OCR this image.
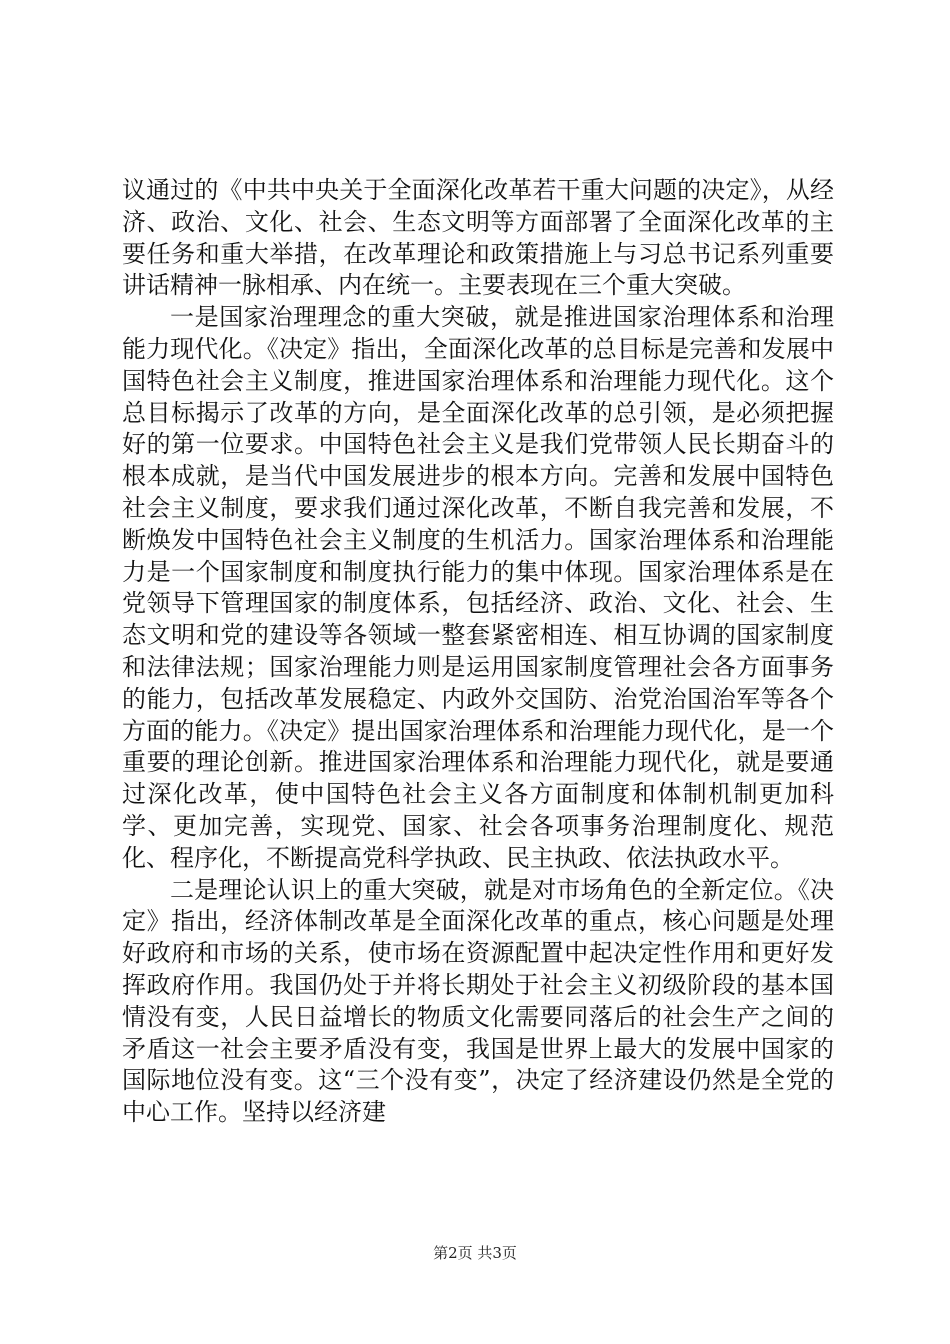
议通过的《中共中央关于全面深化改革若干重大问题的决定》，从经济、政治、文化、社会、生态文明等方面部署了全面深化改革的主要任务和重大举措，在改革理论和政策措施上与习总书记系列重要讲话精神一脉相承、内在统一。主要表现在三个重大突破。

一是国家治理理念的重大突破，就是推进国家治理体系和治理能力现代化。《决定》指出，全面深化改革的总目标是完善和发展中国特色社会主义制度，推进国家治理体系和治理能力现代化。这个总目标揭示了改革的方向，是全面深化改革的总引领，是必须把握好的第一位要求。中国特色社会主义是我们党带领人民长期奋斗的根本成就，是当代中国发展进步的根本方向。完善和发展中国特色社会主义制度，要求我们通过深化改革，不断自我完善和发展，不断焕发中国特色社会主义制度的生机活力。国家治理体系和治理能力是一个国家制度和制度执行能力的集中体现。国家治理体系是在党领导下管理国家的制度体系，包括经济、政治、文化、社会、生态文明和党的建设等各领域一整套紧密相连、相互协调的国家制度和法律法规；国家治理能力则是运用国家制度管理社会各方面事务的能力，包括改革发展稳定、内政外交国防、治党治国治军等各个方面的能力。《决定》提出国家治理体系和治理能力现代化，是一个重要的理论创新。推进国家治理体系和治理能力现代化，就是要通过深化改革，使中国特色社会主义各方面制度和体制机制更加科学、更加完善，实现党、国家、社会各项事务治理制度化、规范化、程序化，不断提高党科学执政、民主执政、依法执政水平。

二是理论认识上的重大突破，就是对市场角色的全新定位。《决定》指出，经济体制改革是全面深化改革的重点，核心问题是处理好政府和市场的关系，使市场在资源配置中起决定性作用和更好发挥政府作用。我国仍处于并将长期处于社会主义初级阶段的基本国情没有变，人民日益增长的物质文化需要同落后的社会生产之间的矛盾这一社会主要矛盾没有变，我国是世界上最大的发展中国家的国际地位没有变。这“三个没有变”，决定了经济建设仍然是全党的中心工作。坚持以经济建

第2页 共3页
